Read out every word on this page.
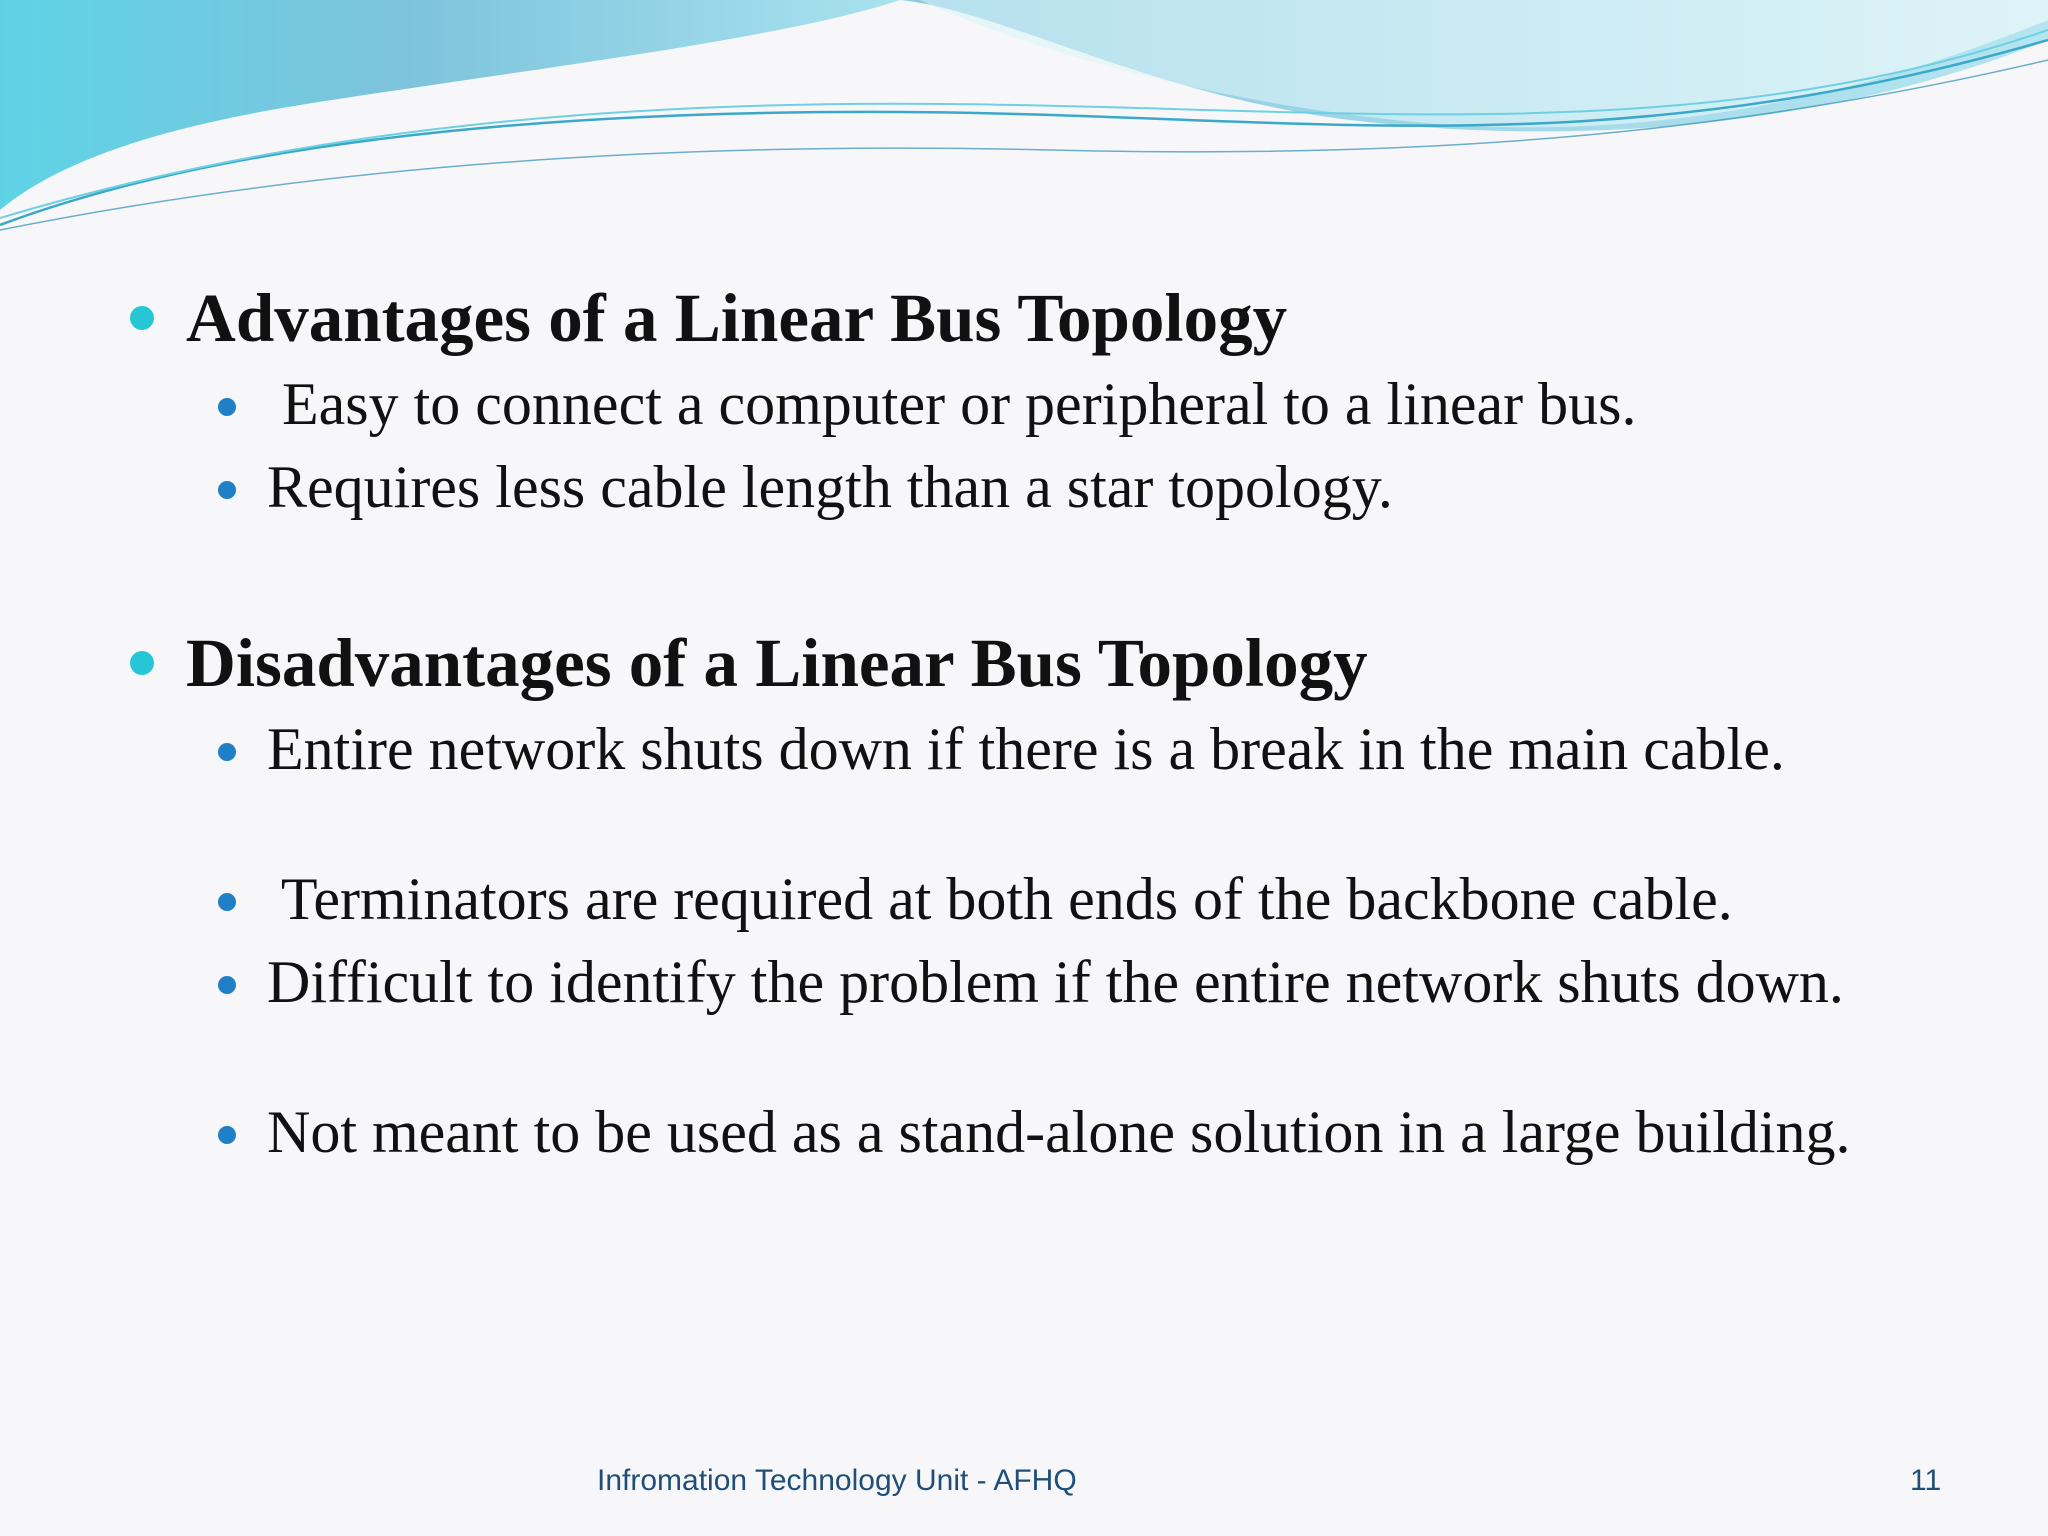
Advantages of a Linear Bus Topology
Easy to connect a computer or peripheral to a linear bus.
Requires less cable length than a star topology.
Disadvantages of a Linear Bus Topology
Entire network shuts down if there is a break in the main cable.
Terminators are required at both ends of the backbone cable.
Difficult to identify the problem if the entire network shuts down.
Not meant to be used as a stand-alone solution in a large building.
Infromation Technology Unit - AFHQ	11
